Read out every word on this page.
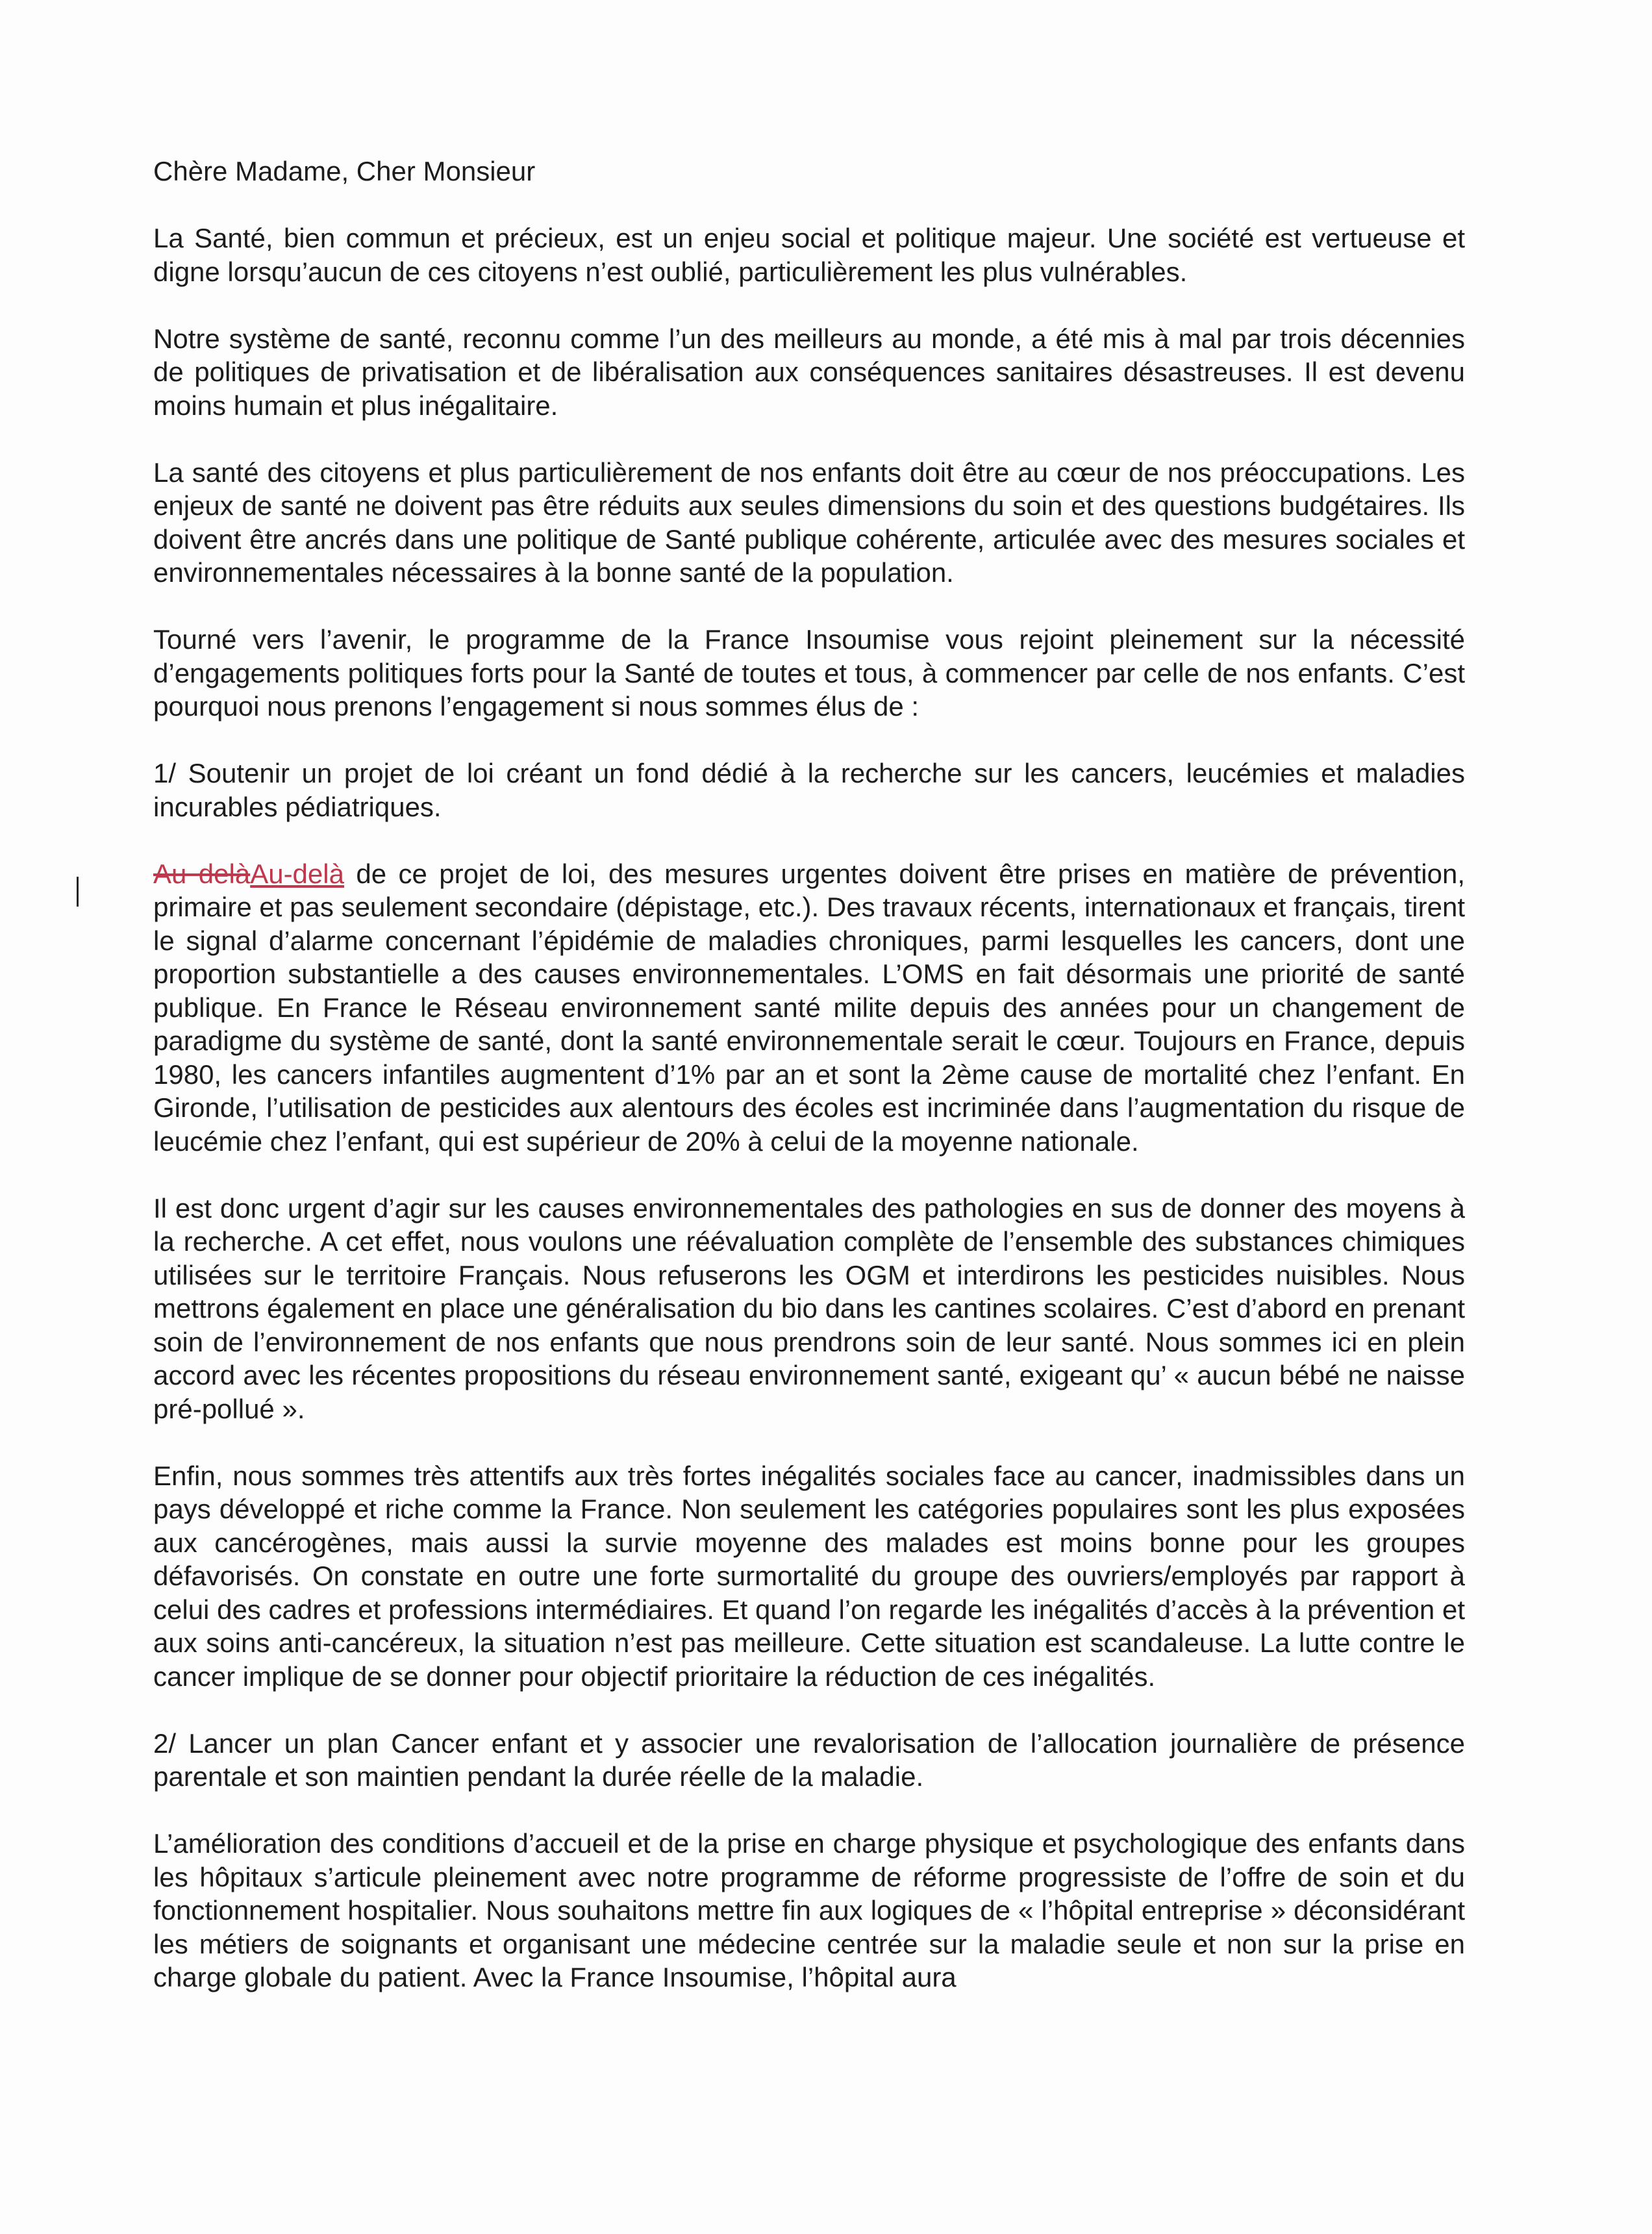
Chère Madame, Cher Monsieur

La Santé, bien commun et précieux, est un enjeu social et politique majeur. Une société est vertueuse et digne lorsqu’aucun de ces citoyens n’est oublié, particulièrement les plus vulnérables.

Notre système de santé, reconnu comme l’un des meilleurs au monde, a été mis à mal par trois décennies de politiques de privatisation et de libéralisation aux conséquences sanitaires désastreuses. Il est devenu moins humain et plus inégalitaire.

La santé des citoyens et plus particulièrement de nos enfants doit être au cœur de nos préoccupations. Les enjeux de santé ne doivent pas être réduits aux seules dimensions du soin et des questions budgétaires. Ils doivent être ancrés dans une politique de Santé publique cohérente, articulée avec des mesures sociales et environnementales nécessaires à la bonne santé de la population.

Tourné vers l’avenir, le programme de la France Insoumise vous rejoint pleinement sur la nécessité d’engagements politiques forts pour la Santé de toutes et tous, à commencer par celle de nos enfants. C’est pourquoi nous prenons l’engagement si nous sommes élus de :

1/ Soutenir un projet de loi créant un fond dédié à la recherche sur les cancers, leucémies et maladies incurables pédiatriques.

Au delàAu-delà de ce projet de loi, des mesures urgentes doivent être prises en matière de prévention, primaire et pas seulement secondaire (dépistage, etc.). Des travaux récents, internationaux et français, tirent le signal d’alarme concernant l’épidémie de maladies chroniques, parmi lesquelles les cancers, dont une proportion substantielle a des causes environnementales. L’OMS en fait désormais une priorité de santé publique. En France le Réseau environnement santé milite depuis des années pour un changement de paradigme du système de santé, dont la santé environnementale serait le cœur. Toujours en France, depuis 1980, les cancers infantiles augmentent d’1% par an et sont la 2ème cause de mortalité chez l’enfant. En Gironde, l’utilisation de pesticides aux alentours des écoles est incriminée dans l’augmentation du risque de leucémie chez l’enfant, qui est supérieur de 20% à celui de la moyenne nationale.

Il est donc urgent d’agir sur les causes environnementales des pathologies en sus de donner des moyens à la recherche. A cet effet, nous voulons une réévaluation complète de l’ensemble des substances chimiques utilisées sur le territoire Français. Nous refuserons les OGM et interdirons les pesticides nuisibles. Nous mettrons également en place une généralisation du bio dans les cantines scolaires. C’est d’abord en prenant soin de l’environnement de nos enfants que nous prendrons soin de leur santé. Nous sommes ici en plein accord avec les récentes propositions du réseau environnement santé, exigeant qu’ « aucun bébé ne naisse pré-pollué ».

Enfin, nous sommes très attentifs aux très fortes inégalités sociales face au cancer, inadmissibles dans un pays développé et riche comme la France. Non seulement les catégories populaires sont les plus exposées aux cancérogènes, mais aussi la survie moyenne des malades est moins bonne pour les groupes défavorisés. On constate en outre une forte surmortalité du groupe des ouvriers/employés par rapport à celui des cadres et professions intermédiaires. Et quand l’on regarde les inégalités d’accès à la prévention et aux soins anti-cancéreux, la situation n’est pas meilleure. Cette situation est scandaleuse. La lutte contre le cancer implique de se donner pour objectif prioritaire la réduction de ces inégalités.

2/ Lancer un plan Cancer enfant et y associer une revalorisation de l’allocation journalière de présence parentale et son maintien pendant la durée réelle de la maladie.

L’amélioration des conditions d’accueil et de la prise en charge physique et psychologique des enfants dans les hôpitaux s’articule pleinement avec notre programme de réforme progressiste de l’offre de soin et du fonctionnement hospitalier. Nous souhaitons mettre fin aux logiques de « l’hôpital entreprise » déconsidérant les métiers de soignants et organisant une médecine centrée sur la maladie seule et non sur la prise en charge globale du patient. Avec la France Insoumise, l’hôpital aura
